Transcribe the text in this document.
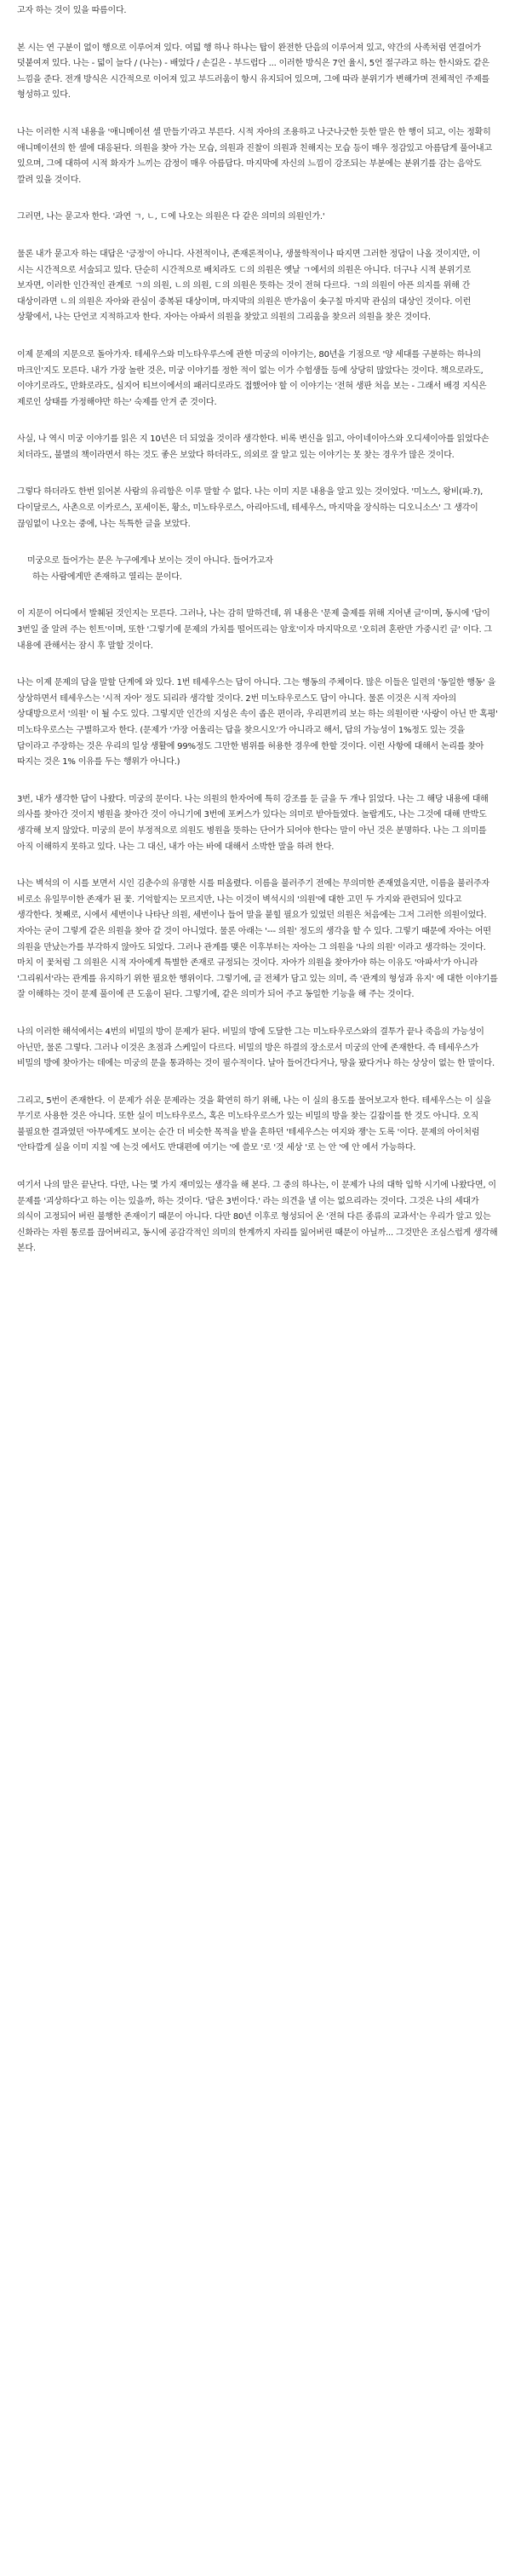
고자 하는 것이 있을 따름이다.

본 시는 연 구분이 없이 행으로 이루어져 있다. 여덟 행 하나 하나는 탑이 완전한 단음의 이루어져 있고, 약간의 사족처럼 연결어가 덧붙여져 있다. 나는 - 덟이 늘다 / (나는) - 배었다 / 손길은 - 부드럽다 ... 이러한 방식은 7언 율시, 5언 절구라고 하는 한시와도 같은 느낌을 준다. 전개 방식은 시간적으로 이어져 있고 부드러움이 항시 유지되어 있으며, 그에 따라 분위기가 변해가며 전체적인 주제를 형성하고 있다.

나는 이러한 시적 내용을 '애니메이션 셀 만들기'라고 부른다. 시적 자아의 조용하고 나긋나긋한 듯한 말은 한 행이 되고, 이는 정확히 애니메이션의 한 셀에 대응된다. 의원을 찾아 가는 모습, 의원과 진찰이 의원과 친해지는 모습 등이 매우 정감있고 아름답게 풀어내고 있으며, 그에 대하여 시적 화자가 느끼는 감정이 매우 아름답다. 마지막에 자신의 느낌이 강조되는 부분에는 분위기를 감는 음악도 깔려 있을 것이다.

그러면, 나는 묻고자 한다. '과연 ㄱ, ㄴ, ㄷ에 나오는 의원은 다 같은 의미의 의원인가.'

물론 내가 묻고자 하는 대답은 '긍정'이 아니다. 사전적이나, 존재론적이나, 생물학적이나 따지면 그러한 정답이 나올 것이지만, 이 시는 시간적으로 서술되고 있다. 단순히 시간적으로 배치라도 ㄷ의 의원은 옛날 ㄱ에서의 의원은 아니다. 더구나 시적 분위기로 보자면, 이러한 인간적인 관계로 ㄱ의 의원, ㄴ의 의원, ㄷ의 의원은 뜻하는 것이 전혀 다르다. ㄱ의 의원이 아픈 의지를 위해 간 대상이라면 ㄴ의 의원은 자아와 관심이 중복된 대상이며, 마지막의 의원은 반가움이 솟구칠 마지막 관심의 대상인 것이다. 이런 상황에서, 나는 단언코 지적하고자 한다. 자아는 아파서 의원을 찾았고 의원의 그리움을 찾으러 의원을 찾은 것이다.

이제 문제의 지문으로 돌아가자. 테세우스와 미노타우루스에 관한 미궁의 이야기는, 80년을 기점으로 '양 세대를 구분하는 하나의 마크인'지도 모른다. 내가 가장 놀란 것은, 미궁 이야기를 정한 적이 없는 이가 수험생들 등에 상당히 많았다는 것이다. 책으로라도, 이야기로라도, 만화로라도, 심지어 티브이에서의 패러디로라도 접했어야 할 이 이야기는 '전혀 생판 처음 보는 - 그래서 배경 지식은 제로인 상태를 가정해야만 하는' 숙제를 안겨 준 것이다.

사실, 나 역시 미궁 이야기를 읽은 지 10년은 더 되었을 것이라 생각한다. 비록 변신을 읽고, 아이네이아스와 오디세이아를 읽었다손 치더라도, 불멸의 책이라면서 하는 것도 좋은 보았다 하더라도, 의외로 잘 알고 있는 이야기는 못 찾는 경우가 많은 것이다.

그렇다 하더라도 한번 읽어본 사람의 유리함은 이루 말할 수 없다. 나는 이미 지문 내용을 알고 있는 것이었다. '미노스, 왕비(파.?), 다이달로스, 사촌으로 이카로스, 포세이돈, 황소, 미노타우로스, 아리아드네, 테세우스, 마지막을 장식하는 디오니소스' 그 생각이 끊임없이 나오는 중에, 나는 독특한 글을 보았다.

미궁으로 들어가는 문은 누구에게나 보이는 것이 아니다. 들어가고자
하는 사람에게만 존재하고 열리는 문이다.

이 지문이 어디에서 발췌된 것인지는 모른다. 그러나, 나는 감히 말하건데, 위 내용은 '문제 출제를 위해 지어낸 글'이며, 동시에 '답이 3번일 줄 알려 주는 힌트'이며, 또한 '그렇기에 문제의 가치를 떨어뜨리는 암호'이자 마지막으로 '오히려 혼란만 가중시킨 글' 이다. 그 내용에 관해서는 잠시 후 말할 것이다.

나는 이제 문제의 답을 말할 단계에 와 있다. 1번 테세우스는 답이 아니다. 그는 행동의 주체이다. 많은 이들은 일련의 '동일한 행동' 을 상상하면서 테세우스는 '시적 자아' 정도 되리라 생각할 것이다. 2번 미노타우로스도 답이 아니다. 물론 이것은 시적 자아의 상대방으로서 '의원' 이 될 수도 있다. 그렇지만 인간의 지성은 속이 좁은 편이라, 우리편끼리 보는 하는 의원이란 '사랑이 아닌 반 혹평' 미노타우로스는 구별하고자 한다. (문제가 '가장 어울리는 답을 찾으시오'가 아니라고 해서, 답의 가능성이 1%정도 있는 것을 답이라고 주장하는 것은 우리의 일상 생활에 99%정도 그만한 범위를 허용한 경우에 한할 것이다. 이런 사항에 대해서 논리를 찾아 따지는 것은 1% 이유를 두는 행위가 아니다.)

3번, 내가 생각한 답이 나왔다. 미궁의 문이다. 나는 의원의 한자어에 특히 강조를 둔 글을 두 개나 읽었다. 나는 그 해당 내용에 대해 의사를 찾아간 것이지 병원을 찾아간 것이 아니기에 3번에 포커스가 있다는 의미로 받아들였다. 놀랍게도, 나는 그것에 대해 반박도 생각해 보지 않았다. 미궁의 문이 부정적으로 의원도 병원을 뜻하는 단어가 되어야 한다는 말이 아닌 것은 분명하다. 나는 그 의미를 아직 이해하지 못하고 있다. 나는 그 대신, 내가 아는 바에 대해서 소박한 말을 하려 한다.

나는 벽석의 이 시를 보면서 시인 김춘수의 유명한 시를 떠올렸다. 이름을 불러주기 전에는 무의미한 존재였을지만, 이름을 불러주자 비로소 유일무이한 존재가 된 꽃. 기억할지는 모르지만, 나는 이것이 벽석시의 '의원'에 대한 고민 두 가지와 관련되어 있다고 생각한다. 첫째로, 시에서 세번이나 나타난 의원, 세번이나 들어 말을 붙힐 필요가 있었던 의원은 처음에는 그저 그러한 의원이었다. 자아는 굳이 그렇게 같은 의원을 찾아 갈 것이 아니었다. 물론 아래는 '--- 의원' 정도의 생각을 할 수 있다. 그렇기 때문에 자아는 어떤 의원을 만났는가를 부각하지 않아도 되었다. 그러나 관계를 맺은 이후부터는 자아는 그 의원을 '나의 의원' 이라고 생각하는 것이다. 마치 이 꽃처럼 그 의원은 시적 자아에게 특별한 존재로 규정되는 것이다. 자아가 의원을 찾아가야 하는 이유도 '아파서'가 아니라 '그리워서'라는 관계를 유지하기 위한 필요한 행위이다. 그렇기에, 글 전체가 담고 있는 의미, 즉 '관계의 형성과 유지' 에 대한 이야기를 잘 이해하는 것이 문제 풀이에 큰 도움이 된다. 그렇기에, 같은 의미가 되어 주고 동일한 기능을 해 주는 것이다.

나의 이러한 해석에서는 4번의 비밀의 방이 문제가 된다. 비밀의 방에 도달한 그는 미노타우로스와의 결투가 끝나 죽음의 가능성이 아닌만, 물론 그렇다. 그러나 이것은 초점과 스케일이 다르다. 비밀의 방은 하결의 장소로서 미궁의 안에 존재한다. 즉 테세우스가 비밀의 방에 찾아가는 데에는 미궁의 문을 통과하는 것이 필수적이다. 날아 들어간다거나, 땅을 팠다거나 하는 상상이 없는 한 말이다.

그리고, 5번이 존재한다. 이 문제가 쉬운 문제라는 것을 확연히 하기 위해, 나는 이 실의 용도를 물어보고자 한다. 테세우스는 이 실을 무기로 사용한 것은 아니다. 또한 실이 미노타우로스, 혹은 미노타우로스가 있는 비밀의 방을 찾는 길잡이를 한 것도 아니다. 오직 불필요한 결과였던 '아무에게도 보이는 순간 더 비슷한 목적을 받을 흔하던 '테세우스는 여지와 쟁'는 도록 '이다. 문제의 아이처럼 '안타깝게 실을 이미 지칠 '에 는것 에서도 반대편에 여기는 '에 쓸모 '로 '것 세상 '로 는 안 '에 안 에서 가능하다.

여기서 나의 말은 끝난다. 다만, 나는 몇 가지 재미있는 생각을 해 본다. 그 중의 하나는, 이 문제가 나의 대학 입학 시기에 나왔다면, 이 문제를 '괴상하다'고 하는 이는 있을까, 하는 것이다. '답은 3번이다.' 라는 의견을 낼 이는 없으리라는 것이다. 그것은 나의 세대가 의식이 고정되어 버린 불행한 존재이기 때문이 아니다. 다만 80년 이후로 형성되어 온 '전혀 다른 종류의 교과서'는 우리가 알고 있는 신화라는 자원 통로를 끊어버리고, 동시에 공감각적인 의미의 한계까지 자리를 잃어버린 때문이 아닐까... 그것만은 조심스럽게 생각해 본다.
